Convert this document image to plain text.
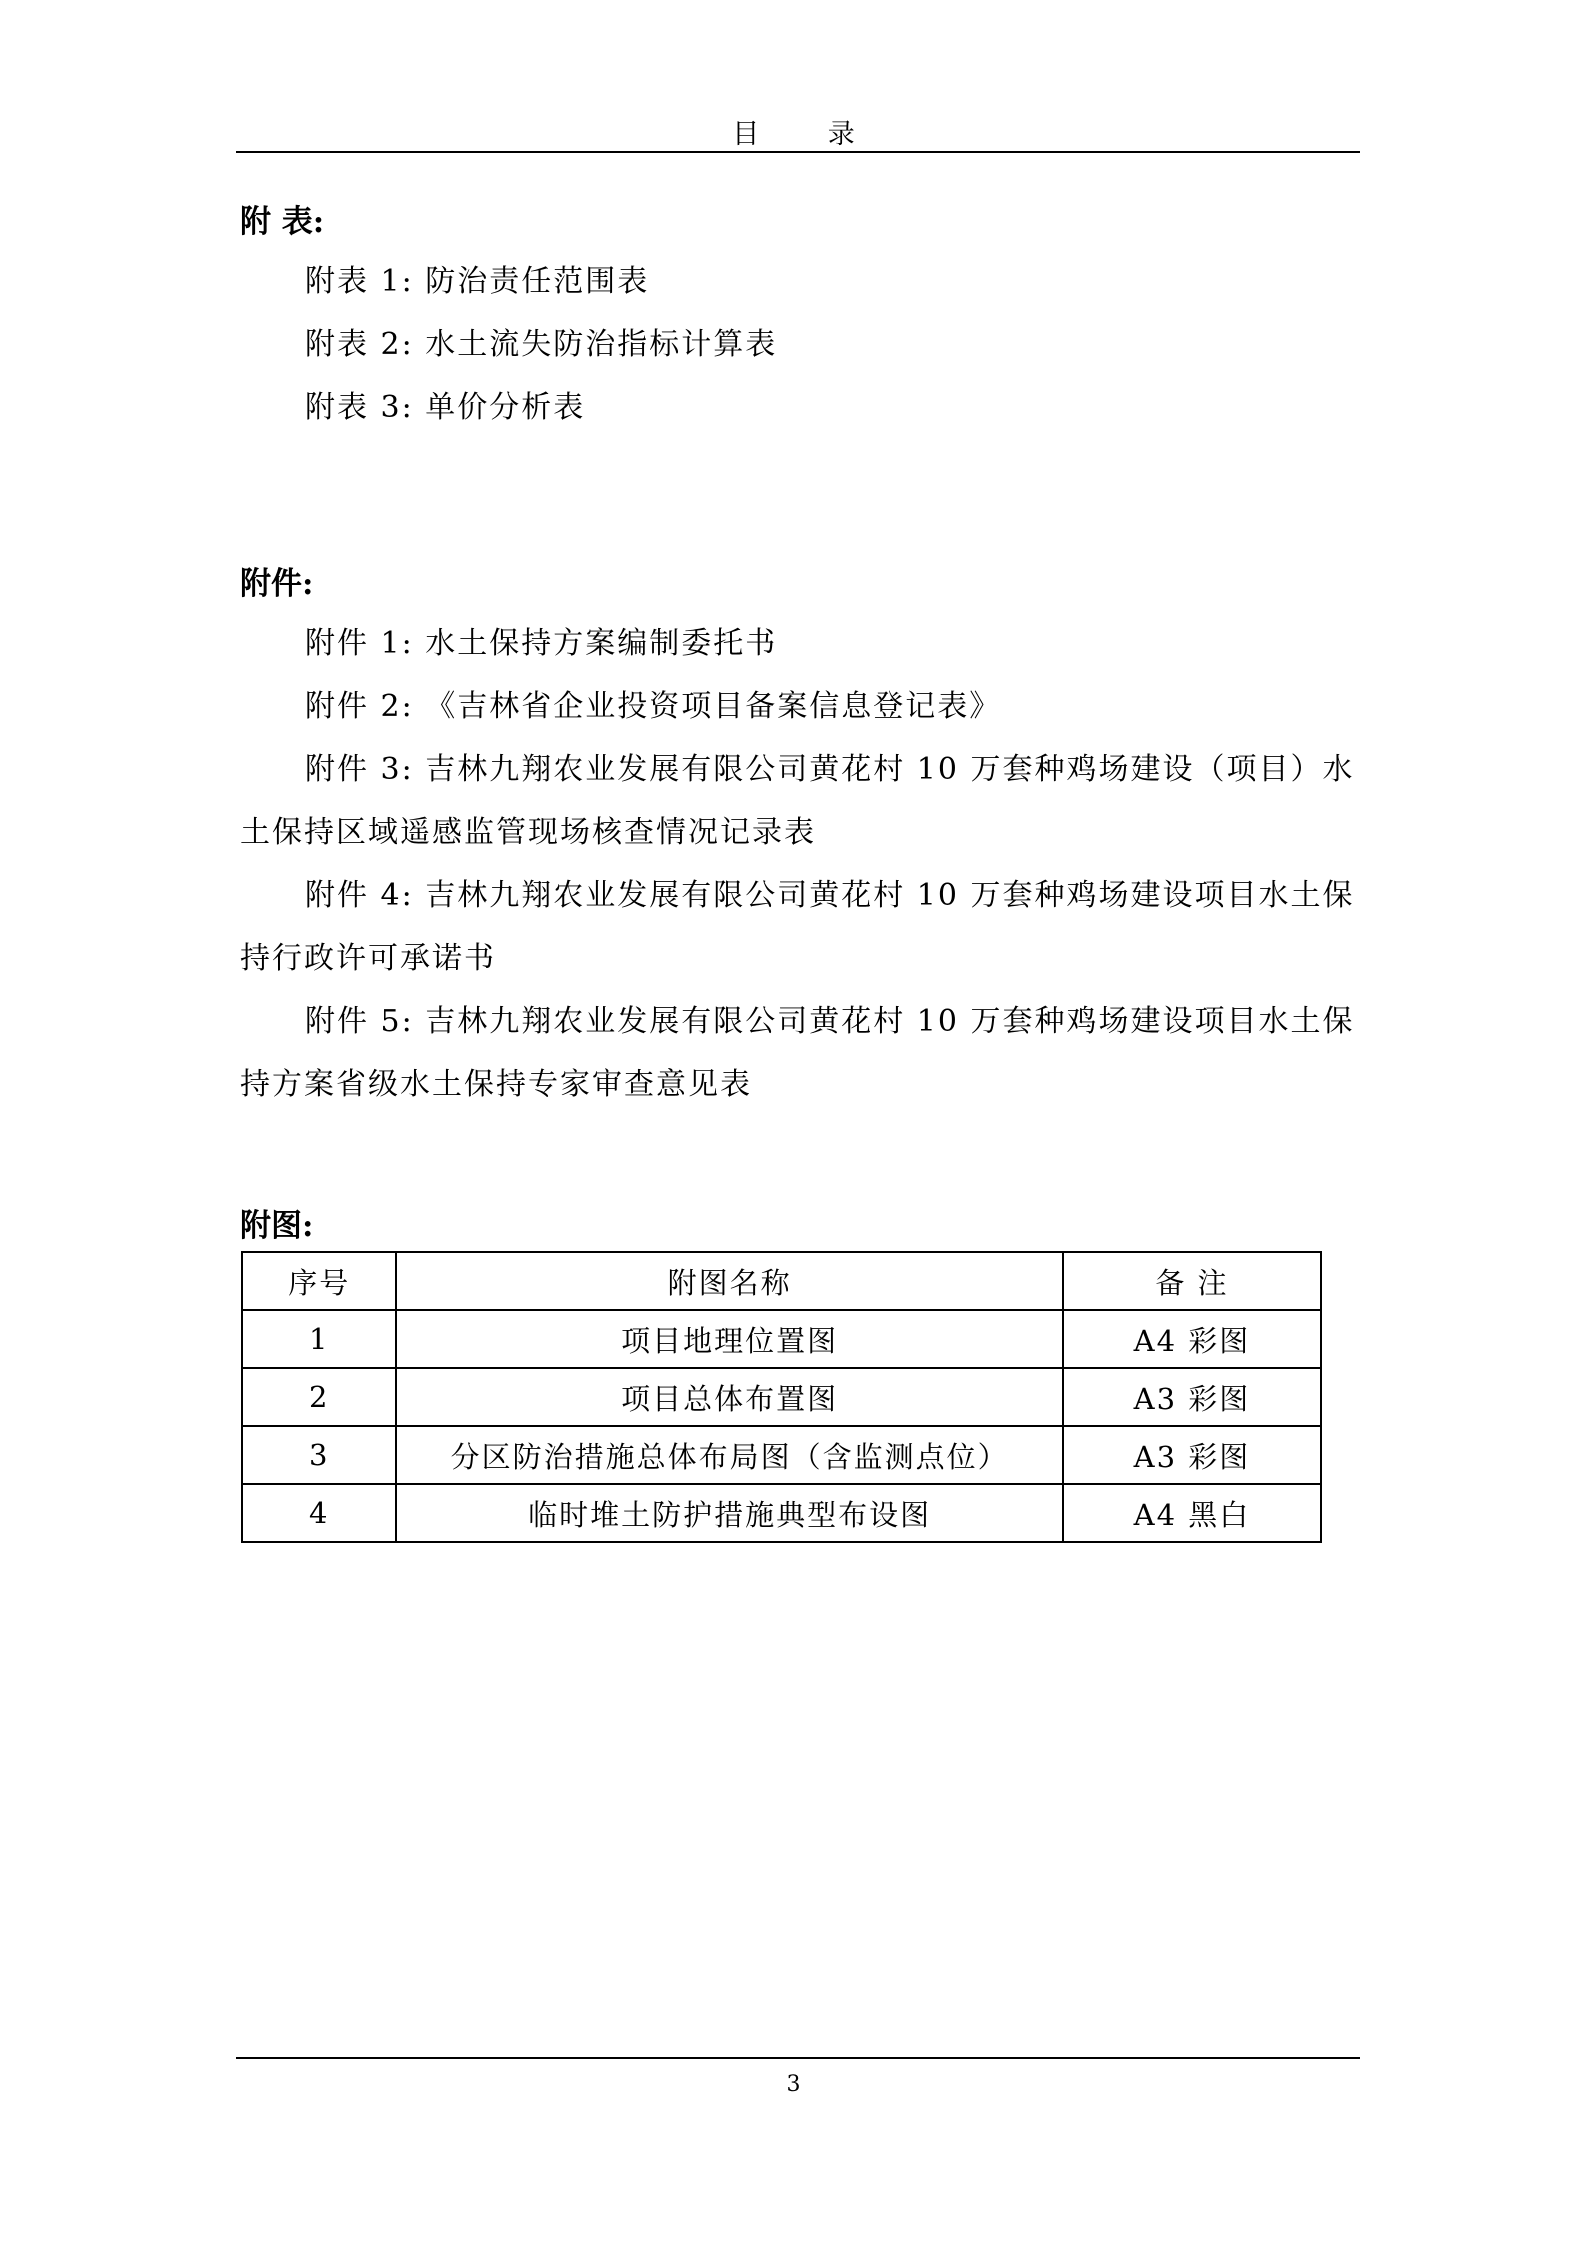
目 录
附 表:
附表 1: 防治责任范围表
附表 2: 水土流失防治指标计算表
附表 3: 单价分析表
附件:
附件 1: 水土保持方案编制委托书
附件 2: 《吉林省企业投资项目备案信息登记表》
附件 3: 吉林九翔农业发展有限公司黄花村 10 万套种鸡场建设（项目）水
土保持区域遥感监管现场核查情况记录表
附件 4: 吉林九翔农业发展有限公司黄花村 10 万套种鸡场建设项目水土保
持行政许可承诺书
附件 5: 吉林九翔农业发展有限公司黄花村 10 万套种鸡场建设项目水土保
持方案省级水土保持专家审查意见表
附图:
序号	附图名称	备 注
1	项目地理位置图	A4 彩图
2	项目总体布置图	A3 彩图
3	分区防治措施总体布局图（含监测点位）	A3 彩图
4	临时堆土防护措施典型布设图	A4 黑白
3
